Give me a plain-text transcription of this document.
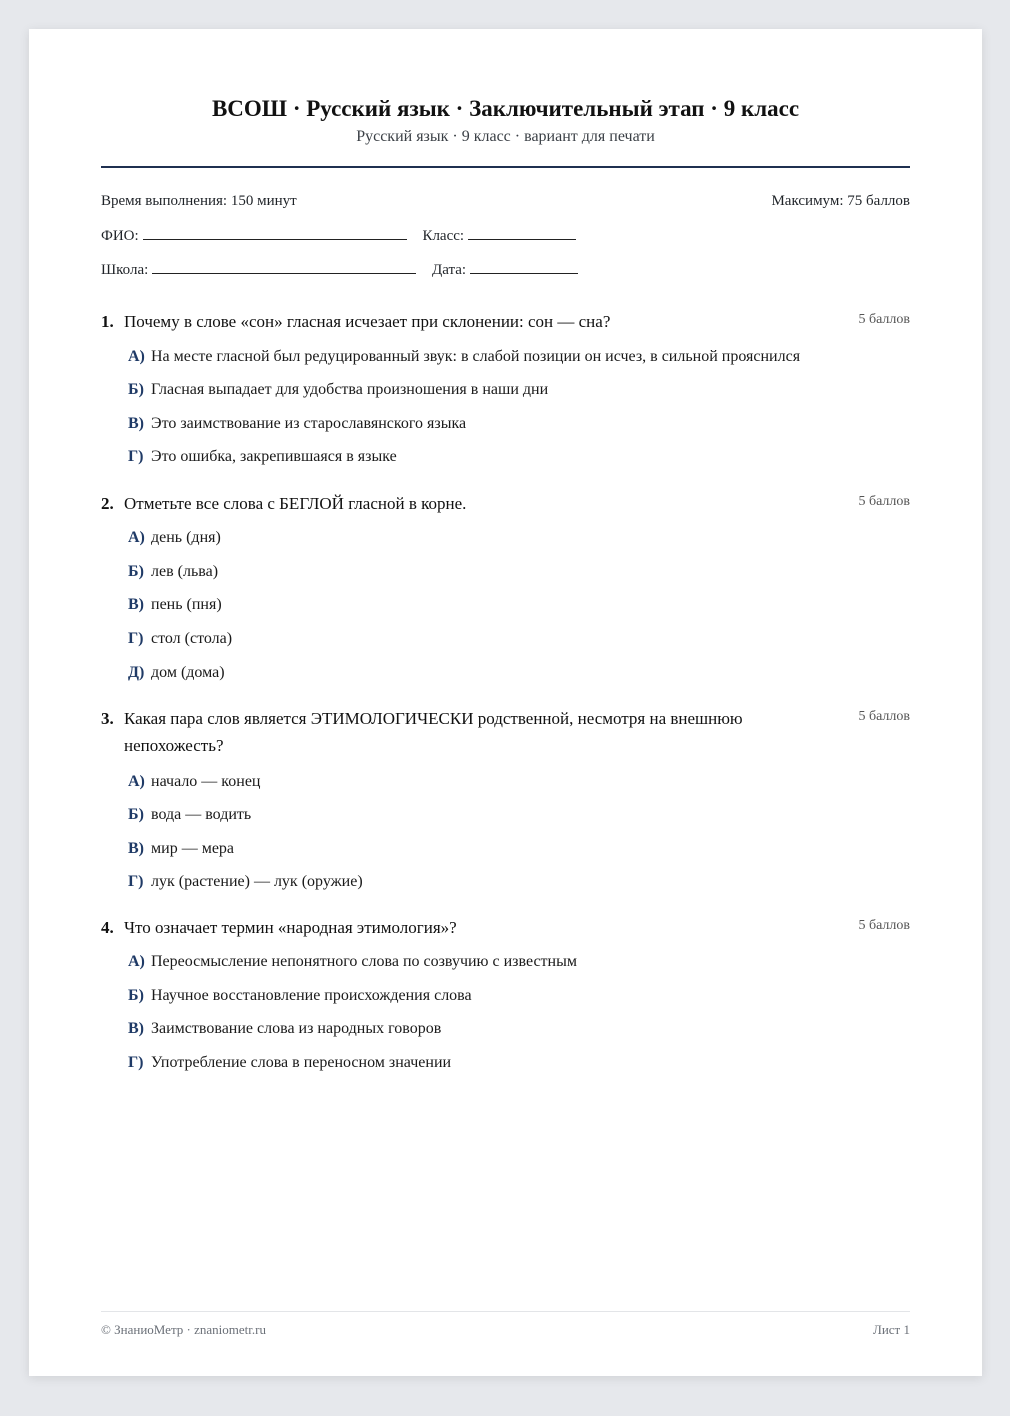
ВСОШ · Русский язык · Заключительный этап · 9 класс
Русский язык · 9 класс · вариант для печати
Время выполнения: 150 минут	Максимум: 75 баллов
ФИО:	Класс:
Школа:	Дата:
1. Почему в слове «сон» гласная исчезает при склонении: сон — сна?	5 баллов
А) На месте гласной был редуцированный звук: в слабой позиции он исчез, в сильной прояснился
Б) Гласная выпадает для удобства произношения в наши дни
В) Это заимствование из старославянского языка
Г) Это ошибка, закрепившаяся в языке
2. Отметьте все слова с БЕГЛОЙ гласной в корне.	5 баллов
А) день (дня)
Б) лев (льва)
В) пень (пня)
Г) стол (стола)
Д) дом (дома)
3. Какая пара слов является ЭТИМОЛОГИЧЕСКИ родственной, несмотря на внешнюю непохожесть?
5 баллов
А) начало — конец
Б) вода — водить
В) мир — мера
Г) лук (растение) — лук (оружие)
4. Что означает термин «народная этимология»?	5 баллов
А) Переосмысление непонятного слова по созвучию с известным
Б) Научное восстановление происхождения слова
В) Заимствование слова из народных говоров
Г) Употребление слова в переносном значении
© ЗнаниоМетр · znaniometr.ru	Лист 1
